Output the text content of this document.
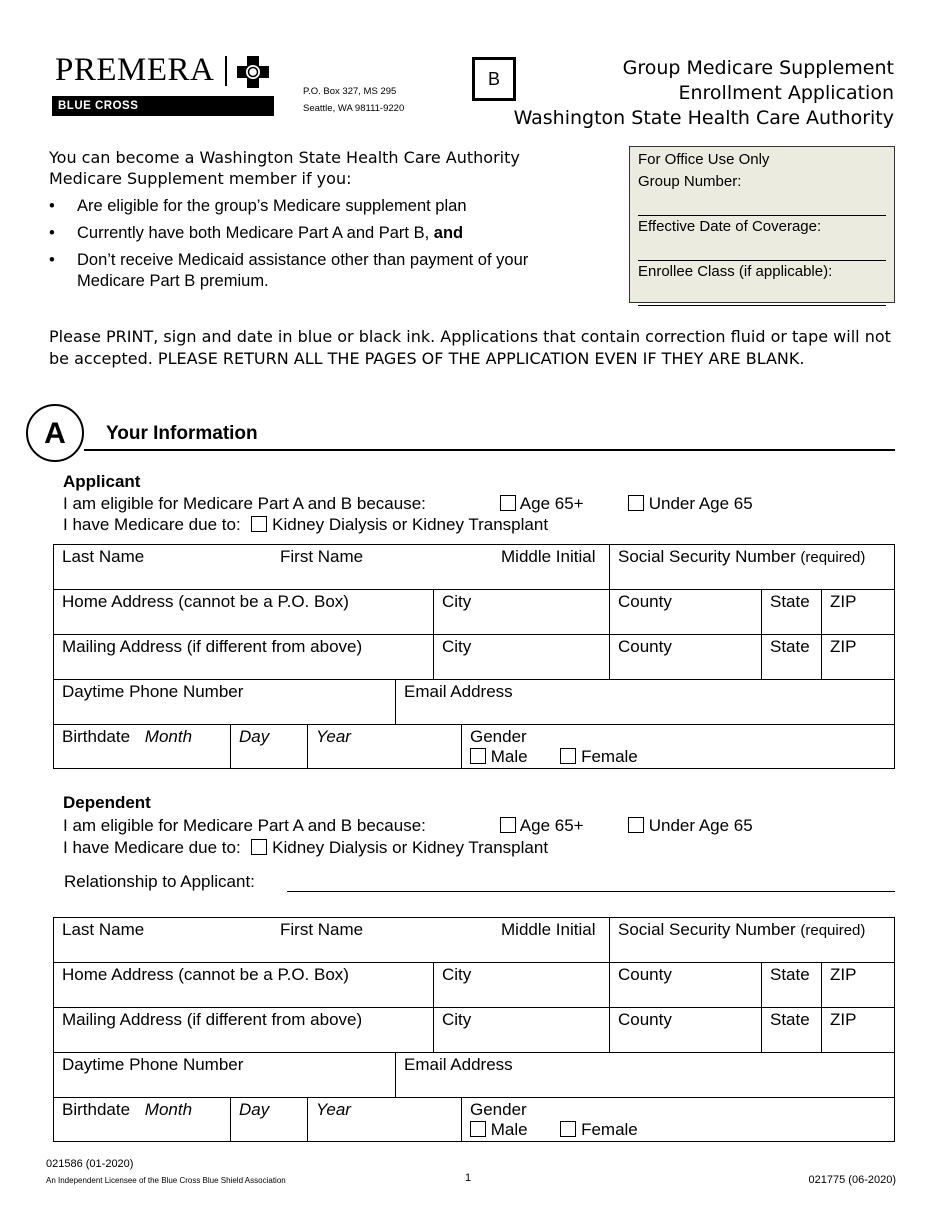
PREMERA
BLUE CROSS
P.O. Box 327, MS 295
Seattle, WA 98111-9220
B	Group Medicare Supplement
Enrollment Application
Washington State Health Care Authority
You can become a Washington State Health Care Authority
Medicare Supplement member if you:
• Are eligible for the group’s Medicare supplement plan
• Currently have both Medicare Part A and Part B, and
• Don’t receive Medicaid assistance other than payment of your
Medicare Part B premium.
For Office Use Only
Group Number:
Effective Date of Coverage:
Enrollee Class (if applicable):
Please PRINT, sign and date in blue or black ink. Applications that contain correction fluid or tape will not be accepted. PLEASE RETURN ALL THE PAGES OF THE APPLICATION EVEN IF THEY ARE BLANK.
A	Your Information
Applicant
I am eligible for Medicare Part A and B because:	Age 65+	Under Age 65
I have Medicare due to: Kidney Dialysis or Kidney Transplant
Last Name	First Name	Middle Initial	Social Security Number (required)
Home Address (cannot be a P.O. Box)	City	County	State	ZIP
Mailing Address (if different from above)	City	County	State	ZIP
Daytime Phone Number	Email Address
Birthdate Month	Day	Year	Gender
Male	Female
Dependent
I am eligible for Medicare Part A and B because:	Age 65+	Under Age 65
I have Medicare due to: Kidney Dialysis or Kidney Transplant
Relationship to Applicant:
Last Name	First Name	Middle Initial	Social Security Number (required)
Home Address (cannot be a P.O. Box)	City	County	State	ZIP
Mailing Address (if different from above)	City	County	State	ZIP
Daytime Phone Number	Email Address
Birthdate Month	Day	Year	Gender
Male	Female
021586 (01-2020)
An Independent Licensee of the Blue Cross Blue Shield Association	1	021775 (06-2020)
